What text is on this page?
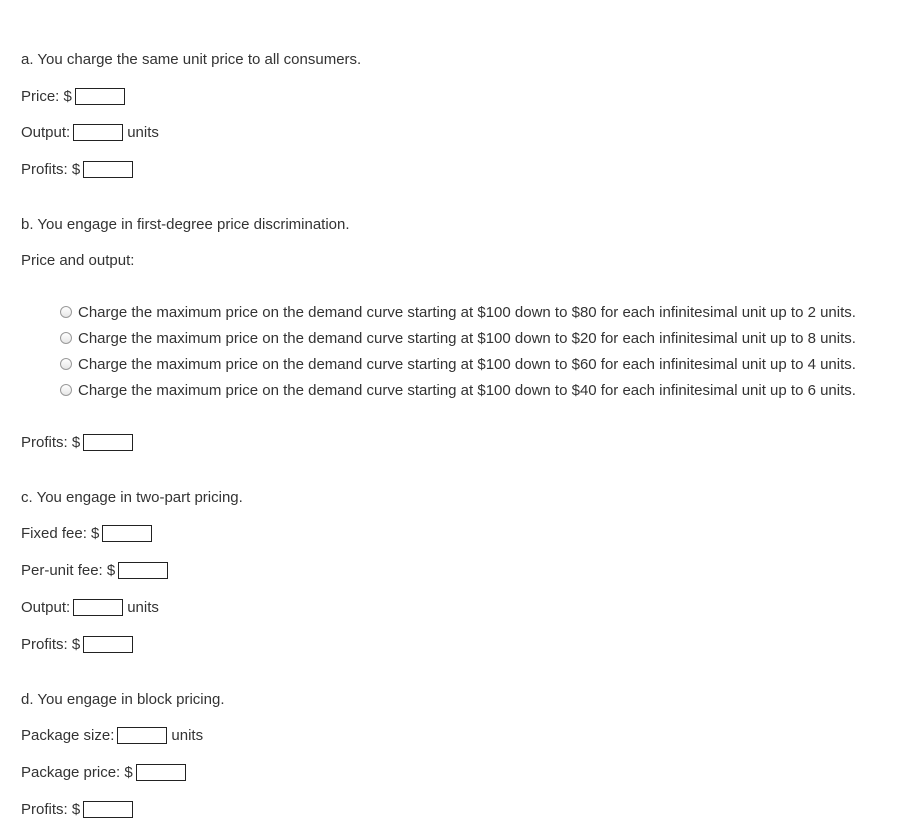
a. You charge the same unit price to all consumers.
Price: $
Output:	units
Profits: $
b. You engage in first-degree price discrimination.
Price and output:
Charge the maximum price on the demand curve starting at $100 down to $80 for each infinitesimal unit up to 2 units.
Charge the maximum price on the demand curve starting at $100 down to $20 for each infinitesimal unit up to 8 units.
Charge the maximum price on the demand curve starting at $100 down to $60 for each infinitesimal unit up to 4 units.
Charge the maximum price on the demand curve starting at $100 down to $40 for each infinitesimal unit up to 6 units.
Profits: $
c. You engage in two-part pricing.
Fixed fee: $
Per-unit fee: $
Output:	units
Profits: $
d. You engage in block pricing.
Package size:	units
Package price: $
Profits: $
